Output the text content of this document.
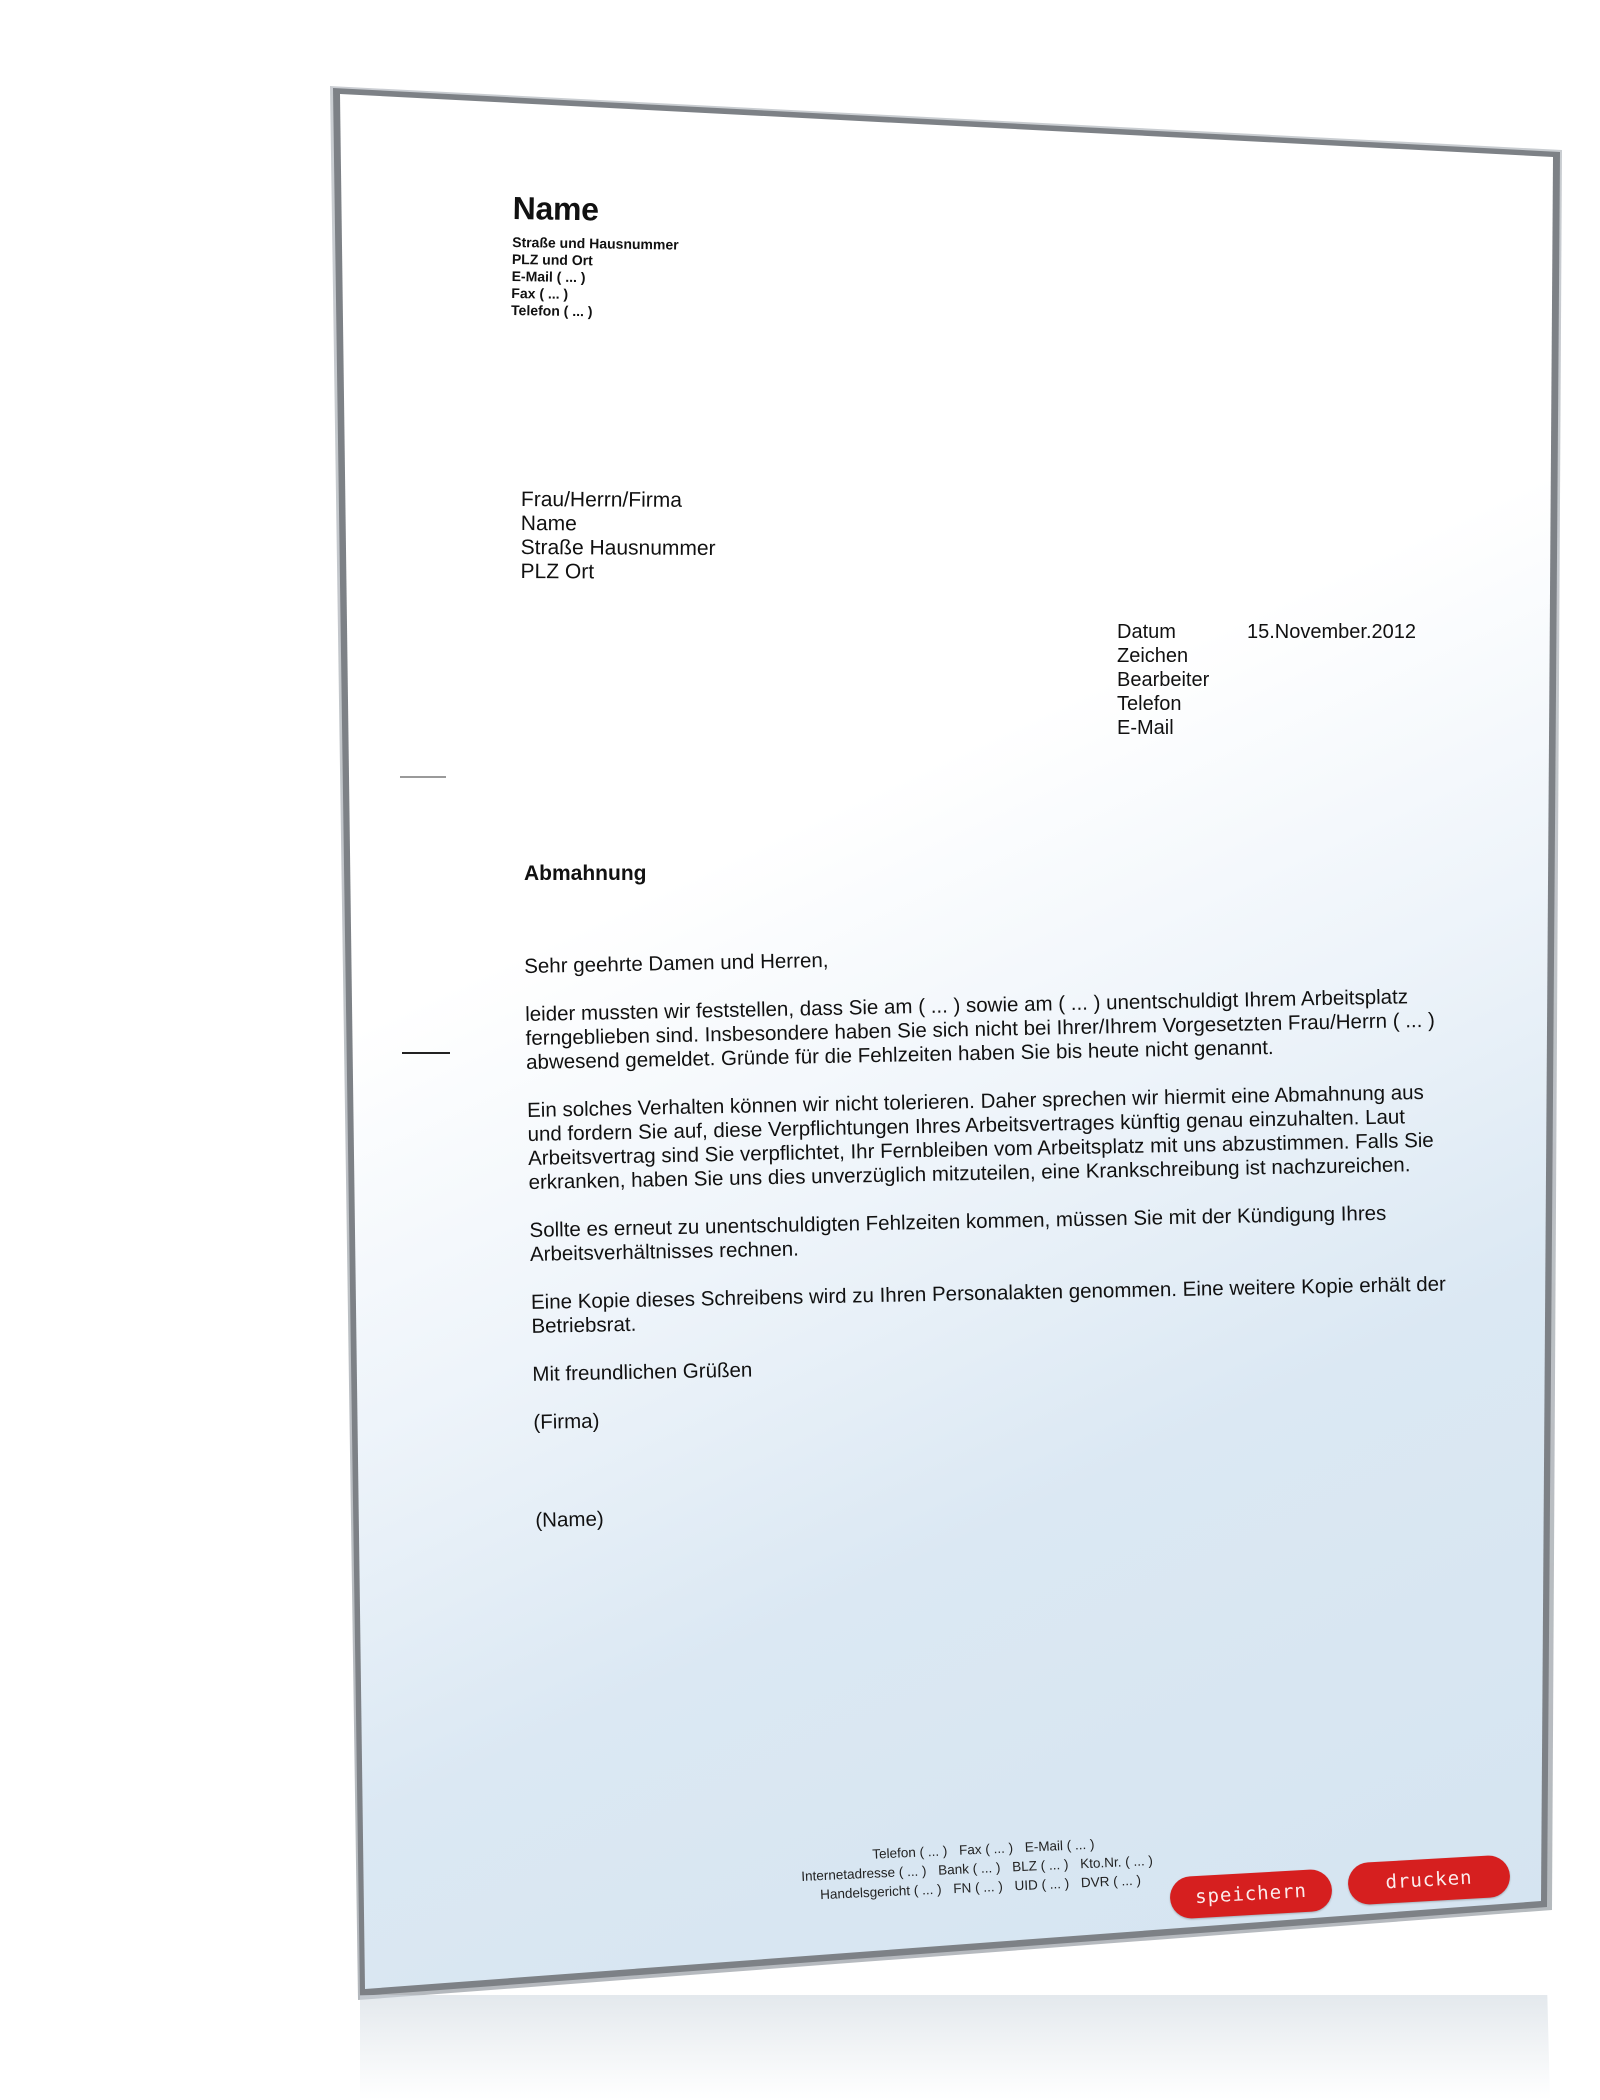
Name
Straße und Hausnummer
PLZ und Ort
E-Mail ( ... )
Fax ( ... )
Telefon ( ... )
Frau/Herrn/Firma
Name
Straße Hausnummer
PLZ Ort
Datum	15.November.2012
Zeichen
Bearbeiter
Telefon
E-Mail
Abmahnung

Sehr geehrte Damen und Herren,

leider mussten wir feststellen, dass Sie am ( ... ) sowie am ( ... ) unentschuldigt Ihrem Arbeitsplatz ferngeblieben sind. Insbesondere haben Sie sich nicht bei Ihrer/Ihrem Vorgesetzten Frau/Herrn ( ... ) abwesend gemeldet. Gründe für die Fehlzeiten haben Sie bis heute nicht genannt.

Ein solches Verhalten können wir nicht tolerieren. Daher sprechen wir hiermit eine Abmahnung aus und fordern Sie auf, diese Verpflichtungen Ihres Arbeitsvertrages künftig genau einzuhalten. Laut Arbeitsvertrag sind Sie verpflichtet, Ihr Fernbleiben vom Arbeitsplatz mit uns abzustimmen. Falls Sie erkranken, haben Sie uns dies unverzüglich mitzuteilen, eine Krankschreibung ist nachzureichen.

Sollte es erneut zu unentschuldigten Fehlzeiten kommen, müssen Sie mit der Kündigung Ihres Arbeitsverhältnisses rechnen.

Eine Kopie dieses Schreibens wird zu Ihren Personalakten genommen. Eine weitere Kopie erhält der Betriebsrat.

Mit freundlichen Grüßen

(Firma)

(Name)

Telefon ( ... ) Fax ( ... ) E-Mail ( ... )
Internetadresse ( ... ) Bank ( ... ) BLZ ( ... ) Kto.Nr. ( ... )
Handelsgericht ( ... ) FN ( ... ) UID ( ... ) DVR ( ... )	speichern	drucken
